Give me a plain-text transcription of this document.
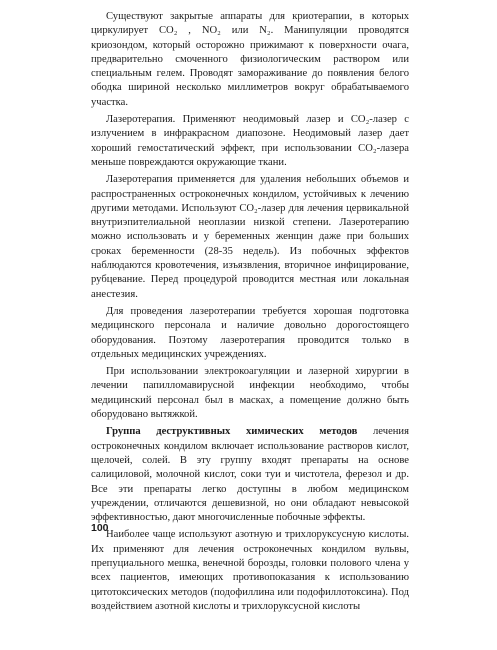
Существуют закрытые аппараты для криотерапии, в которых циркулирует CO₂ , NO₂ или N₂. Манипуляции проводятся криозондом, который осторожно прижимают к поверхности очага, предварительно смоченного физиологическим раствором или специальным гелем. Проводят замораживание до появления белого ободка шириной несколько миллиметров вокруг обрабатываемого участка.

Лазеротерапия. Применяют неодимовый лазер и CO₂-лазер с излучением в инфракрасном диапозоне. Неодимовый лазер дает хороший гемостатический эффект, при использовании CO₂-лазера меньше повреждаются окружающие ткани.

Лазеротерапия применяется для удаления небольших объемов и распространенных остроконечных кондилом, устойчивых к лечению другими методами. Используют CO₂-лазер для лечения цервикальной внутриэпителиальной неоплазии низкой степени. Лазеротерапию можно использовать и у беременных женщин даже при больших сроках беременности (28-35 недель). Из побочных эффектов наблюдаются кровотечения, изъязвления, вторичное инфицирование, рубцевание. Перед процедурой проводится местная или локальная анестезия.

Для проведения лазеротерапии требуется хорошая подготовка медицинского персонала и наличие довольно дорогостоящего оборудования. Поэтому лазеротерапия проводится только в отдельных медицинских учреждениях.

При использовании электрокоагуляции и лазерной хирургии в лечении папилломавирусной инфекции необходимо, чтобы медицинский персонал был в масках, а помещение должно быть оборудовано вытяжкой.

Группа деструктивных химических методов лечения остроконечных кондилом включает использование растворов кислот, щелочей, солей. В эту группу входят препараты на основе салициловой, молочной кислот, соки туи и чистотела, ферезол и др. Все эти препараты легко доступны в любом медицинском учреждении, отличаются дешевизной, но они обладают невысокой эффективностью, дают многочисленные побочные эффекты.

Наиболее чаще используют азотную и трихлоруксусную кислоты. Их применяют для лечения остроконечных кондилом вульвы, препуциального мешка, венечной борозды, головки полового члена у всех пациентов, имеющих противопоказания к использованию цитотоксических методов (подофиллина или подофиллотоксина). Под воздействием азотной кислоты и трихлоруксусной кислоты

100
